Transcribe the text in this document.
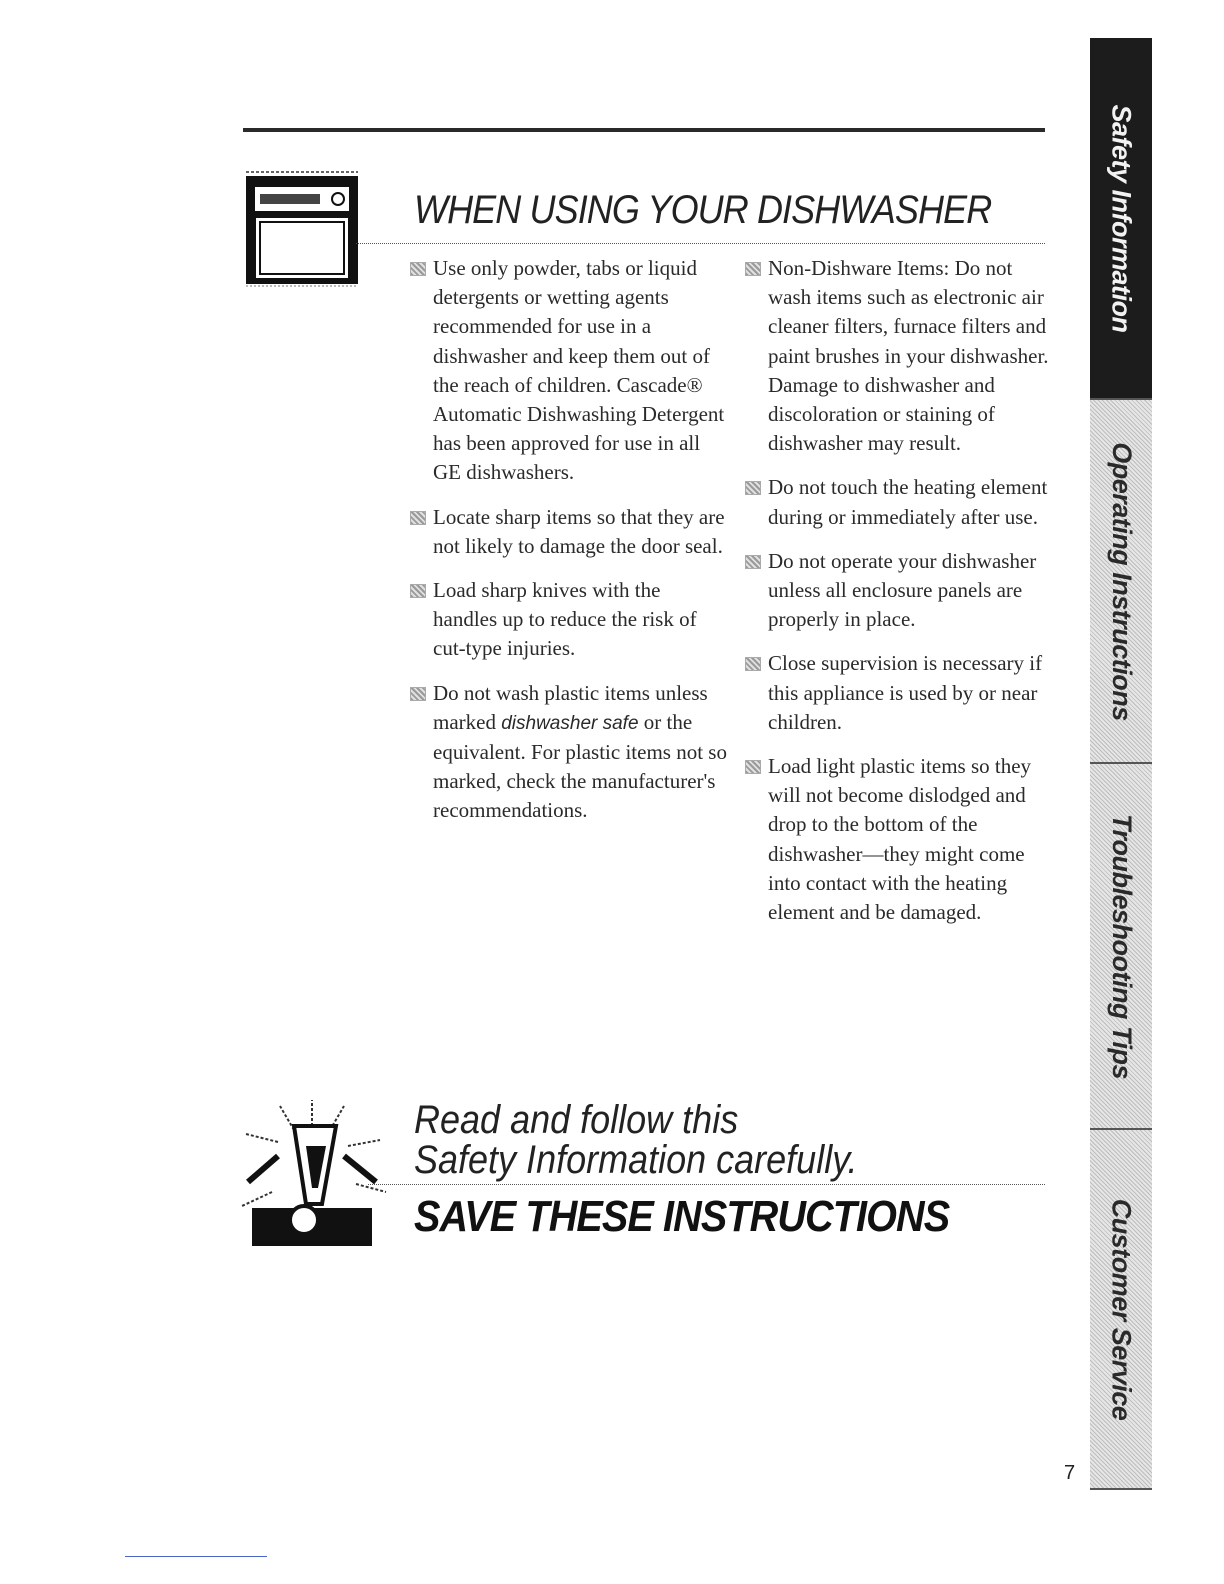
WHEN USING YOUR DISHWASHER

Use only powder, tabs or liquid detergents or wetting agents recommended for use in a dishwasher and keep them out of the reach of children. Cascade® Automatic Dishwashing Detergent has been approved for use in all GE dishwashers.

Locate sharp items so that they are not likely to damage the door seal.

Load sharp knives with the handles up to reduce the risk of cut-type injuries.

Do not wash plastic items unless marked dishwasher safe or the equivalent. For plastic items not so marked, check the manufacturer's recommendations.

Non-Dishware Items: Do not wash items such as electronic air cleaner filters, furnace filters and paint brushes in your dishwasher. Damage to dishwasher and discoloration or staining of dishwasher may result.

Do not touch the heating element during or immediately after use.

Do not operate your dishwasher unless all enclosure panels are properly in place.

Close supervision is necessary if this appliance is used by or near children.

Load light plastic items so they will not become dislodged and drop to the bottom of the dishwasher—they might come into contact with the heating element and be damaged.

Read and follow this
Safety Information carefully.
SAVE THESE INSTRUCTIONS
Safety Information
Operating Instructions
Troubleshooting Tips
Customer Service
7
